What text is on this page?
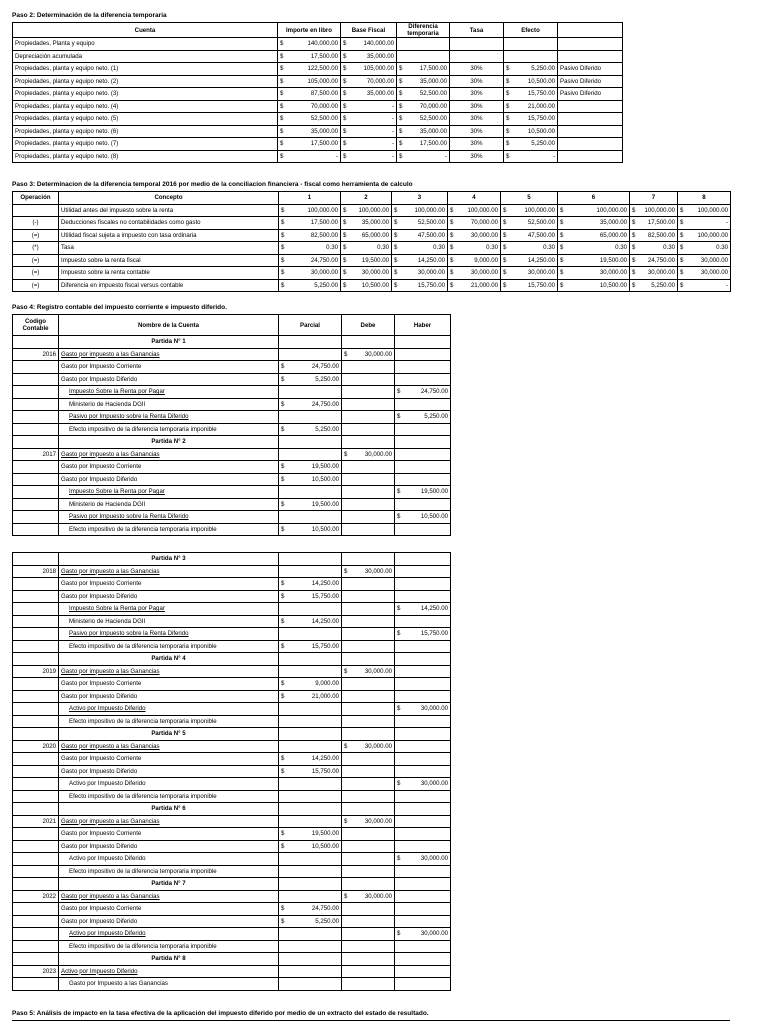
Paso 2: Determinación de la diferencia temporaria
Cuenta	Importe en libro	Base Fiscal	Diferencia temporaria	Tasa	Efecto	
Propiedades, Planta y equipo	$ 140,000.00	$ 140,000.00				

Depreciación acumulada	$ 17,500.00	$ 35,000.00				

Propiedades, planta y equipo neto. (1)	$ 122,500.00	$ 105,000.00	$ 17,500.00	30%	$ 5,250.00	Pasivo Diferido
Propiedades, planta y equipo neto. (2)	$ 105,000.00	$ 70,000.00	$ 35,000.00	30%	$ 10,500.00	Pasivo Diferido
Propiedades, planta y equipo neto. (3)	$ 87,500.00	$ 35,000.00	$ 52,500.00	30%	$ 15,750.00	Pasivo Diferido
Propiedades, planta y equipo neto. (4)	$ 70,000.00	$ -	$ 70,000.00	30%	$ 21,000.00	

Propiedades, planta y equipo neto. (5)	$ 52,500.00	$ -	$ 52,500.00	30%	$ 15,750.00	

Propiedades, planta y equipo neto. (6)	$ 35,000.00	$ -	$ 35,000.00	30%	$ 10,500.00	

Propiedades, planta y equipo neto. (7)	$ 17,500.00	$ -	$ 17,500.00	30%	$ 5,250.00	

Propiedades, planta y equipo neto. (8)	$ -	$ -	$ -	30%	$ -	

Paso 3: Determinacion de la diferencia temporal 2016 por medio de la conciliacion financiera - fiscal como herramienta de calculo
Operación	Concepto	1	2	3	4	5	6	7	8
	Utilidad antes del impuesto sobre la renta	$ 100,000.00	$ 100,000.00	$ 100,000.00	$ 100,000.00	$ 100,000.00	$ 100,000.00	$ 100,000.00	$ 100,000.00

(-)	Deducciones fiscales no contabilidades como gasto	$ 17,500.00	$ 35,000.00	$ 52,500.00	$ 70,000.00	$ 52,500.00	$ 35,000.00	$ 17,500.00	$ -

(=)	Utilidad fiscal sujeta a impuesto con tasa ordinaria	$ 82,500.00	$ 65,000.00	$ 47,500.00	$ 30,000.00	$ 47,500.00	$ 65,000.00	$ 82,500.00	$ 100,000.00

(*)	Tasa	$ 0.30	$ 0.30	$ 0.30	$ 0.30	$ 0.30	$ 0.30	$ 0.30	$ 0.30

(=)	Impuesto sobre la renta fiscal	$ 24,750.00	$ 19,500.00	$ 14,250.00	$ 9,000.00	$ 14,250.00	$ 19,500.00	$ 24,750.00	$ 30,000.00

(=)	Impuesto sobre la renta contable	$ 30,000.00	$ 30,000.00	$ 30,000.00	$ 30,000.00	$ 30,000.00	$ 30,000.00	$ 30,000.00	$ 30,000.00

(=)	Diferencia en impuesto fiscal versus contable	$ 5,250.00	$ 10,500.00	$ 15,750.00	$ 21,000.00	$ 15,750.00	$ 10,500.00	$ 5,250.00	$ -
Paso 4: Registro contable del impuesto corriente e impuesto diferido.
Codigo Contable	Nombre de la Cuenta	Parcial	Debe	Haber
	Partida N° 1			
2016	Gasto por impuesto a las Ganancias		$ 30,000.00	

	Gasto por Impuesto Corriente	$ 24,750.00		

	Gasto por Impuesto Diferido	$ 5,250.00		

	Impuesto Sobre la Renta por Pagar			$ 24,750.00

	Ministerio de Hacienda DGII	$ 24,750.00		

	Pasivo por Impuesto sobre la Renta Diferido			$ 5,250.00

	Efecto impositivo de la diferencia temporaria imponible	$ 5,250.00		

	Partida N° 2			
2017	Gasto por impuesto a las Ganancias		$ 30,000.00	

	Gasto por Impuesto Corriente	$ 19,500.00		

	Gasto por Impuesto Diferido	$ 10,500.00		

	Impuesto Sobre la Renta por Pagar			$ 19,500.00

	Ministerio de Hacienda DGII	$ 19,500.00		

	Pasivo por Impuesto sobre la Renta Diferido			$ 10,500.00

	Efecto impositivo de la diferencia temporaria imponible	$ 10,500.00		

	Partida N° 3			
2018	Gasto por impuesto a las Ganancias		$ 30,000.00	

	Gasto por Impuesto Corriente	$ 14,250.00		

	Gasto por Impuesto Diferido	$ 15,750.00		

	Impuesto Sobre la Renta por Pagar			$ 14,250.00

	Ministerio de Hacienda DGII	$ 14,250.00		

	Pasivo por Impuesto sobre la Renta Diferido			$ 15,750.00

	Efecto impositivo de la diferencia temporaria imponible	$ 15,750.00		

	Partida N° 4			
2019	Gasto por impuesto a las Ganancias		$ 30,000.00	

	Gasto por Impuesto Corriente	$ 9,000.00		

	Gasto por Impuesto Diferido	$ 21,000.00		

	Activo por Impuesto Diferido			$ 30,000.00

	Efecto impositivo de la diferencia temporaria imponible			
	Partida N° 5			
2020	Gasto por impuesto a las Ganancias		$ 30,000.00	

	Gasto por Impuesto Corriente	$ 14,250.00		

	Gasto por Impuesto Diferido	$ 15,750.00		

	Activo por Impuesto Diferido			$ 30,000.00

	Efecto impositivo de la diferencia temporaria imponible			
	Partida N° 6			
2021	Gasto por impuesto a las Ganancias		$ 30,000.00	

	Gasto por Impuesto Corriente	$ 19,500.00		

	Gasto por Impuesto Diferido	$ 10,500.00		

	Activo por Impuesto Diferido			$ 30,000.00

	Efecto impositivo de la diferencia temporaria imponible			
	Partida N° 7			
2022	Gasto por impuesto a las Ganancias		$ 30,000.00	

	Gasto por Impuesto Corriente	$ 24,750.00		

	Gasto por Impuesto Diferido	$ 5,250.00		

	Activo por Impuesto Diferido			$ 30,000.00

	Efecto impositivo de la diferencia temporaria imponible			
	Partida N° 8			
2023	Activo por Impuesto Diferido			
	Gasto por Impuesto a las Ganancias			
Paso 5: Análisis de impacto en la tasa efectiva de la aplicación del impuesto diferido por medio de un extracto del estado de resultado.
